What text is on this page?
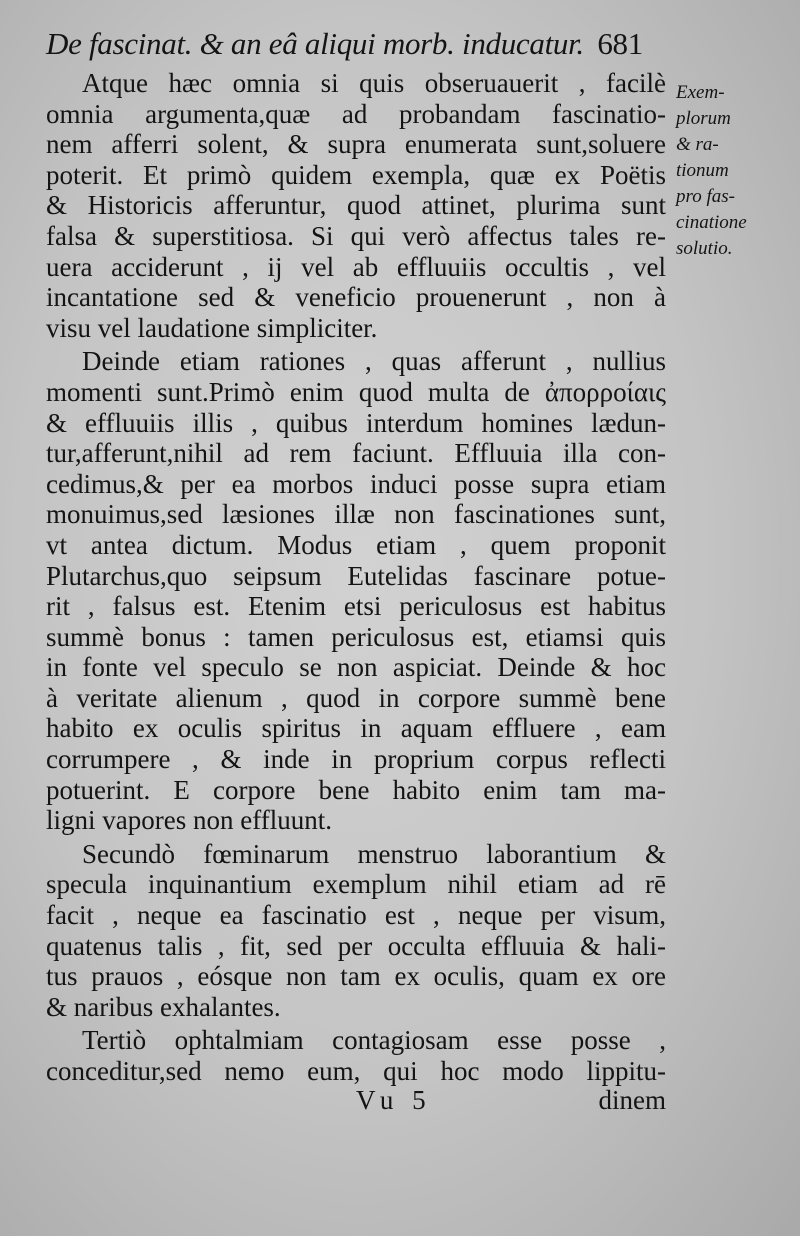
De fascinat. & an eâ aliqui morb. inducatur. 681
Exem-
plorum
& ra-
tionum
pro fas-
cinatione
solutio.
Atque hæc omnia si quis obseruauerit , facilè
omnia argumenta,quæ ad probandam fascinatio-
nem afferri solent, & supra enumerata sunt,soluere
poterit. Et primò quidem exempla, quæ ex Poëtis
& Historicis afferuntur, quod attinet, plurima sunt
falsa & superstitiosa. Si qui verò affectus tales re-
uera acciderunt , ij vel ab effluuiis occultis , vel
incantatione sed & veneficio prouenerunt , non à
visu vel laudatione simpliciter.
Deinde etiam rationes , quas afferunt , nullius
momenti sunt.Primò enim quod multa de ἀπορροίαις
& effluuiis illis , quibus interdum homines lædun-
tur,afferunt,nihil ad rem faciunt. Effluuia illa con-
cedimus,& per ea morbos induci posse supra etiam
monuimus,sed læsiones illæ non fascinationes sunt,
vt antea dictum. Modus etiam , quem proponit
Plutarchus,quo seipsum Eutelidas fascinare potue-
rit , falsus est. Etenim etsi periculosus est habitus
summè bonus : tamen periculosus est, etiamsi quis
in fonte vel speculo se non aspiciat. Deinde & hoc
à veritate alienum , quod in corpore summè bene
habito ex oculis spiritus in aquam effluere , eam
corrumpere , & inde in proprium corpus reflecti
potuerint. E corpore bene habito enim tam ma-
ligni vapores non effluunt.
Secundò fœminarum menstruo laborantium &
specula inquinantium exemplum nihil etiam ad rē
facit , neque ea fascinatio est , neque per visum,
quatenus talis , fit, sed per occulta effluuia & hali-
tus prauos , eósque non tam ex oculis, quam ex ore
& naribus exhalantes.
Tertiò ophtalmiam contagiosam esse posse ,
conceditur,sed nemo eum, qui hoc modo lippitu-
Vu 5	dinem
